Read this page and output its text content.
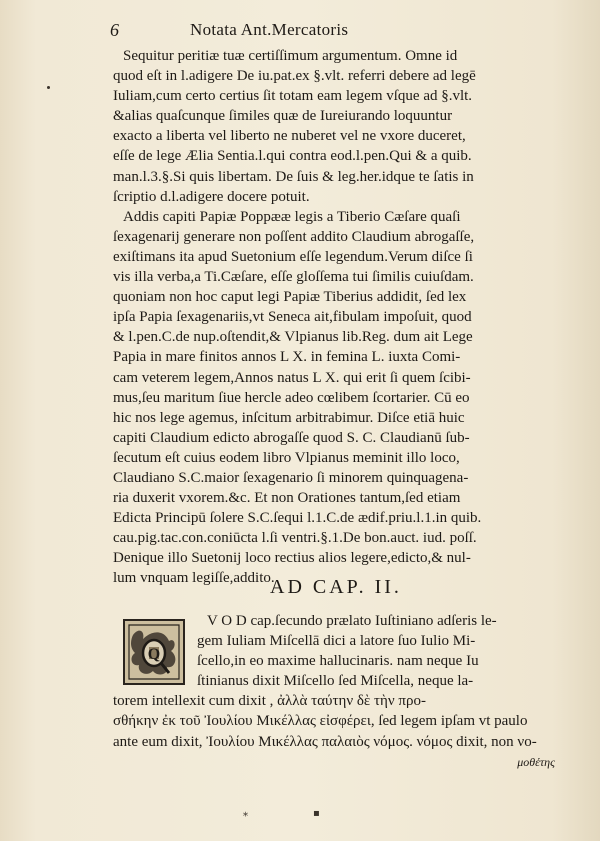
6	Notata Ant.Mercatoris
Sequitur peritiæ tuæ certiſſimum argumentum. Omne id
quod eſt in l.adigere De iu.pat.ex §.vlt. referri debere ad legē
Iuliam,cum certo certius ſit totam eam legem vſque ad §.vlt.
&alias quaſcunque ſimiles quæ de Iureiurando loquuntur
exacto a liberta vel liberto ne nuberet vel ne vxore duceret,
eſſe de lege Ælia Sentia.l.qui contra eod.l.pen.Qui & a quib.
man.l.3.§.Si quis libertam. De ſuis & leg.her.idque te ſatis in
ſcriptio d.l.adigere docere potuit.
Addis capiti Papiæ Poppææ legis a Tiberio Cæſare quaſi
ſexagenarij generare non poſſent addito Claudium abrogaſſe,
exiſtimans ita apud Suetonium eſſe legendum.Verum diſce ſi
vis illa verba,a Ti.Cæſare, eſſe gloſſema tui ſimilis cuiuſdam.
quoniam non hoc caput legi Papiæ Tiberius addidit, ſed lex
ipſa Papia ſexagenariis,vt Seneca ait,fibulam impoſuit, quod
& l.pen.C.de nup.oſtendit,& Vlpianus lib.Reg. dum ait Lege
Papia in mare finitos annos L X. in femina L. iuxta Comi-
cam veterem legem,Annos natus L X. qui erit ſi quem ſcibi-
mus,ſeu maritum ſiue hercle adeo cœlibem ſcortarier. Cū eo
hic nos lege agemus, inſcitum arbitrabimur. Diſce etiā huic
capiti Claudium edicto abrogaſſe quod S. C. Claudianū ſub-
ſecutum eſt cuius eodem libro Vlpianus meminit illo loco,
Claudiano S.C.maior ſexagenario ſi minorem quinquagena-
ria duxerit vxorem.&c. Et non Orationes tantum,ſed etiam
Edicta Principū ſolere S.C.ſequi l.1.C.de ædif.priu.l.1.in quib.
cau.pig.tac.con.coniūcta l.ſi ventri.§.1.De bon.auct. iud. poſſ.
Denique illo Suetonij loco rectius alios legere,edicto,& nul-
lum vnquam legiſſe,addito.
AD CAP. II.
V O D cap.ſecundo prælato Iuſtiniano adſeris le-
gem Iuliam Miſcellā dici a latore ſuo Iulio Mi-
ſcello,in eo maxime hallucinaris. nam neque Iu
ſtinianus dixit Miſcello ſed Miſcella, neque la-
torem intellexit cum dixit , ἀλλὰ ταύτην δὲ τὴν προ-
σθήκην ἐκ τοῦ Ἰουλίου Μικέλλας εἰσφέρει, ſed legem ipſam vt paulo
ante eum dixit, Ἰουλίου Μικέλλας παλαιὸς νόμος. νόμος dixit, non νο-
μοθέτης
Q
⁎	▪
